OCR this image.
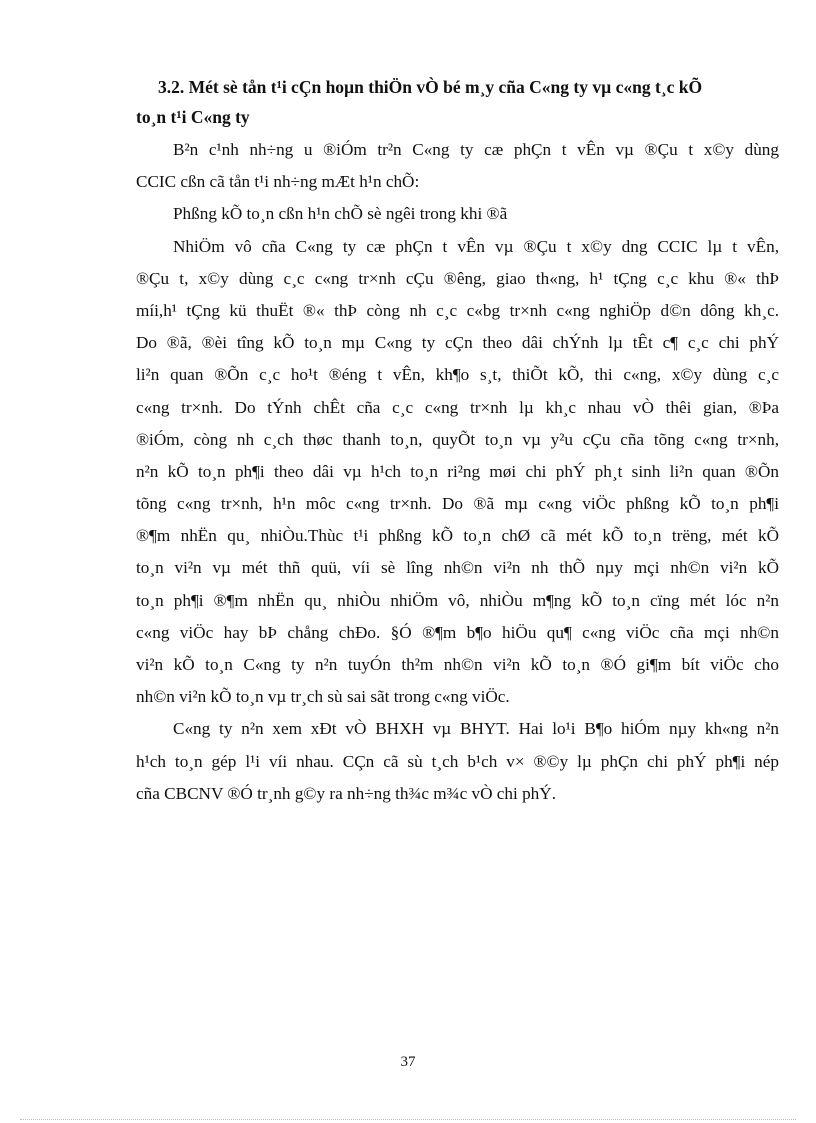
3.2. Mét sè tån t¹i cÇn hoµn thiÖn vÒ bé m¸y cña C«ng ty vµ c«ng t¸c kÕ
to¸n t¹i C«ng ty
B²n c¹nh nh÷ng u ®iÓm tr²n C«ng ty cæ phÇn t vÊn vµ ®Çu t x©y dùng
CCIC cßn cã tån t¹i nh÷ng mÆt h¹n chÕ:
Phßng kÕ to¸n cßn h¹n chÕ sè ngêi trong khi ®ã
NhiÖm vô cña C«ng ty cæ phÇn t vÊn vµ ®Çu t x©y dng CCIC lµ t vÊn,
®Çu t, x©y dùng c¸c c«ng tr×nh cÇu ®êng, giao th«ng, h¹ tÇng c¸c khu ®« thÞ
míi,h¹ tÇng kü thuËt ®« thÞ còng nh c¸c c«bg tr×nh c«ng nghiÖp d©n dông kh¸c.
Do ®ã, ®èi tîng kÕ to¸n mµ C«ng ty cÇn theo dâi chÝnh lµ tÊt c¶ c¸c chi phÝ
li²n quan ®Õn c¸c ho¹t ®éng t vÊn, kh¶o s¸t, thiÕt kÕ, thi c«ng, x©y dùng c¸c
c«ng tr×nh. Do tÝnh chÊt cña c¸c c«ng tr×nh lµ kh¸c nhau vÒ thêi gian, ®Þa
®iÓm, còng nh c¸ch thøc thanh to¸n, quyÕt to¸n vµ y²u cÇu cña tõng c«ng tr×nh,
n²n kÕ to¸n ph¶i theo dâi vµ h¹ch to¸n ri²ng møi chi phÝ ph¸t sinh li²n quan ®Õn
tõng c«ng tr×nh, h¹n môc c«ng tr×nh. Do ®ã mµ c«ng viÖc phßng kÕ to¸n ph¶i
®¶m nhËn qu¸ nhiÒu.Thùc t¹i phßng kÕ to¸n chØ cã mét kÕ to¸n trëng, mét kÕ
to¸n vi²n vµ mét thñ quü, víi sè lîng nh©n vi²n nh thÕ nµy mçi nh©n vi²n kÕ
to¸n ph¶i ®¶m nhËn qu¸ nhiÒu nhiÖm vô, nhiÒu m¶ng kÕ to¸n cïng mét lóc n²n
c«ng viÖc hay bÞ chång chÐo. §Ó ®¶m b¶o hiÖu qu¶ c«ng viÖc cña mçi nh©n
vi²n kÕ to¸n C«ng ty n²n tuyÓn th²m nh©n vi²n kÕ to¸n ®Ó gi¶m bít viÖc cho
nh©n vi²n kÕ to¸n vµ tr¸ch sù sai sãt trong c«ng viÖc.
C«ng ty n²n xem xÐt vÒ BHXH vµ BHYT. Hai lo¹i B¶o hiÓm nµy kh«ng n²n
h¹ch to¸n gép l¹i víi nhau. CÇn cã sù t¸ch b¹ch v× ®©y lµ phÇn chi phÝ ph¶i nép
cña CBCNV ®Ó tr¸nh g©y ra nh÷ng th¾c m¾c vÒ chi phÝ.
37
